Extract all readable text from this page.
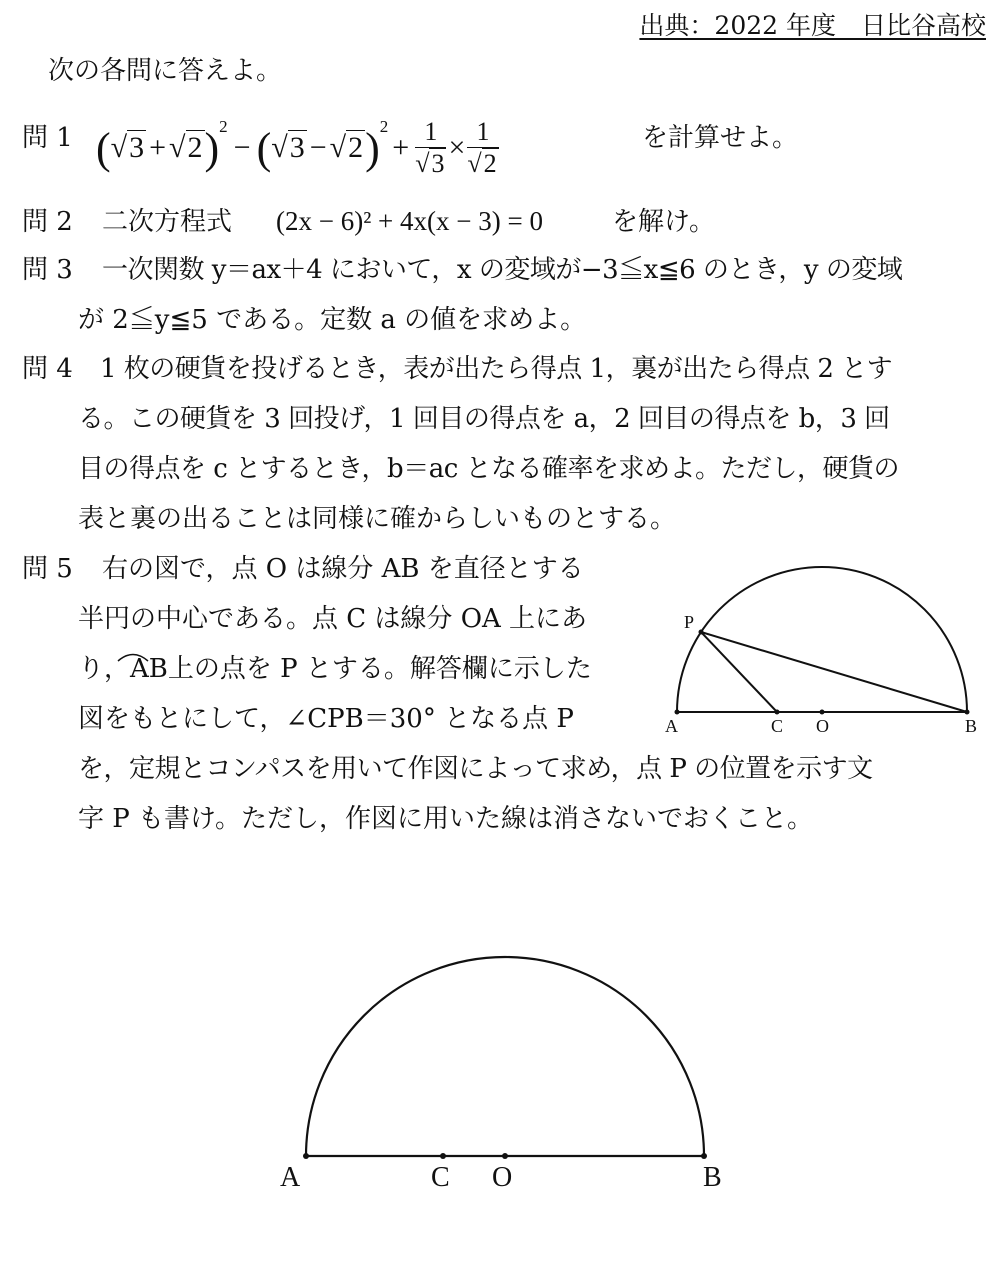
出典：2022 年度　日比谷高校
次の各問に答えよ。
問 1 ( √3 + √2 )$^2$
− ( √3 − √2 )$^2$
+ $\frac{1}{√3} \times \frac{1}{√2}$	を計算せよ。
問 2 二次方程式 (2x − 6)² + 4x(x − 3) = 0	を解け。
問 3 一次関数 y＝ax＋4 において，x の変域が−3≦x≦6 のとき，y の変域
が 2≦y≦5 である。定数 a の値を求めよ。
問 4 1 枚の硬貨を投げるとき，表が出たら得点 1，裏が出たら得点 2 とす
る。この硬貨を 3 回投げ，1 回目の得点を a，2 回目の得点を b，3 回
目の得点を c とするとき，b＝ac となる確率を求めよ。ただし，硬貨の
表と裏の出ることは同様に確からしいものとする。
問 5 右の図で，点 O は線分 AB を直径とする
半円の中心である。点 C は線分 OA 上にあ
り，AB上の点を P とする。解答欄に示した
図をもとにして，∠CPB＝30° となる点 P
を，定規とコンパスを用いて作図によって求め，点 P の位置を示す文
字 P も書け。ただし，作図に用いた線は消さないでおくこと。
A	C O	B
P
A	C O	B
